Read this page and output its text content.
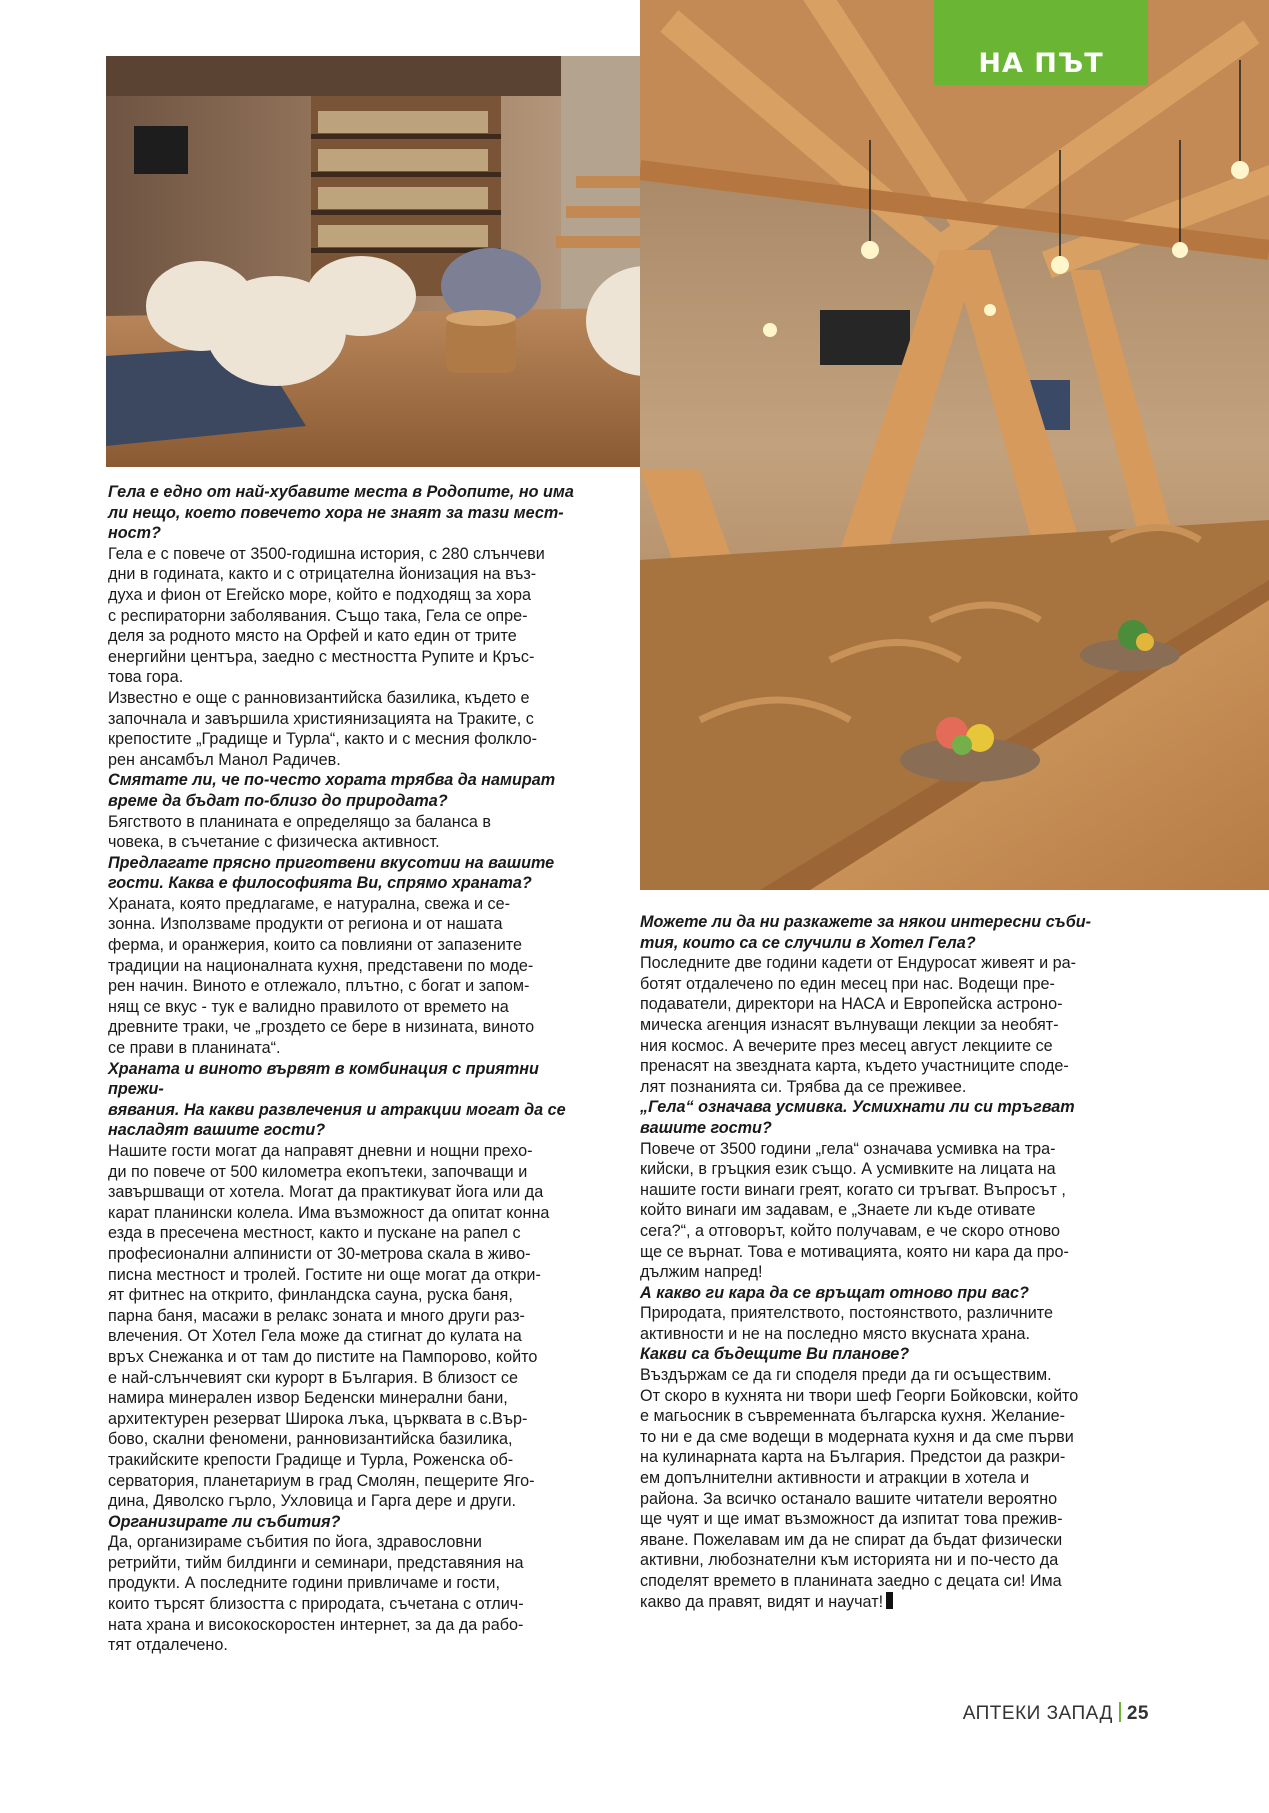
НА ПЪТ

Гела е едно от най-хубавите места в Родопите, но има
ли нещо, което повечето хора не знаят за тази мест-
ност?

Гела е с повече от 3500-годишна история, с 280 слънчеви
дни в годината, както и с отрицателна йонизация на въз-
духа и фион от Егейско море, който е подходящ за хора
с респираторни заболявания. Също така, Гела се опре-
деля за родното място на Орфей и като един от трите
енергийни центъра, заедно с местността Рупите и Кръс-
това гора.

Известно е още с ранновизантийска базилика, където е
започнала и завършила християнизацията на Траките, с
крепостите „Градище и Турла“, както и с месния фолкло-
рен ансамбъл Манол Радичев.

Смятате ли, че по-често хората трябва да намират
време да бъдат по-близо до природата?

Бягството в планината е определящо за баланса в
човека, в съчетание с физическа активност.

Предлагате прясно приготвени вкусотии на вашите
гости. Каква е философията Ви, спрямо храната?

Храната, която предлагаме, е натурална, свежа и се-
зонна. Използваме продукти от региона и от нашата
ферма, и оранжерия, които са повлияни от запазените
традиции на националната кухня, представени по моде-
рен начин. Виното е отлежало, плътно, с богат и запом-
нящ се вкус - тук е валидно правилото от времето на
древните траки, че „гроздето се бере в низината, виното
се прави в планината“.

Храната и виното вървят в комбинация с приятни прежи-
вявания. На какви развлечения и атракции могат да се
насладят вашите гости?

Нашите гости могат да направят дневни и нощни прехо-
ди по повече от 500 километра екопътеки, започващи и
завършващи от хотела. Могат да практикуват йога или да
карат планински колела. Има възможност да опитат конна
езда в пресечена местност, както и пускане на рапел с
професионални алпинисти от 30-метрова скала в живо-
писна местност и тролей. Гостите ни още могат да откри-
ят фитнес на открито, финландска сауна, руска баня,
парна баня, масажи в релакс зоната и много други раз-
влечения. От Хотел Гела може да стигнат до кулата на
връх Снежанка и от там до пистите на Пампорово, който
е най-слънчевият ски курорт в България. В близост се
намира минерален извор Беденски минерални бани,
архитектурен резерват Широка лъка, църквата в с.Вър-
бово, скални феномени, ранновизантийска базилика,
тракийските крепости Градище и Турла, Роженска об-
серватория, планетариум в град Смолян, пещерите Яго-
дина, Дяволско гърло, Ухловица и Гарга дере и други.

Организирате ли събития?

Да, организираме събития по йога, здравословни
ретрийти, тийм билдинги и семинари, представяния на
продукти. А последните години привличаме и гости,
които търсят близостта с природата, съчетана с отлич-
ната храна и високоскоростен интернет, за да да рабо-
тят отдалечено.

Можете ли да ни разкажете за някои интересни съби-
тия, които са се случили в Хотел Гела?

Последните две години кадети от Ендуросат живеят и ра-
ботят отдалечено по един месец при нас. Водещи пре-
подаватели, директори на НАСА и Европейска астроно-
мическа агенция изнасят вълнуващи лекции за необят-
ния космос. А вечерите през месец август лекциите се
пренасят на звездната карта, където участниците споде-
лят познанията си. Трябва да се преживее.

„Гела“ означава усмивка. Усмихнати ли си тръгват
вашите гости?

Повече от 3500 години „гела“ означава усмивка на тра-
кийски, в гръцкия език също. А усмивките на лицата на
нашите гости винаги греят, когато си тръгват. Въпросът ,
който винаги им задавам, е „Знаете ли къде отивате
сега?“, а отговорът, който получавам, е че скоро отново
ще се върнат. Това е мотивацията, която ни кара да про-
дължим напред!

А какво ги кара да се връщат отново при вас?

Природата, приятелството, постоянството, различните
активности и не на последно място вкусната храна.

Какви са бъдещите Ви планове?

Въздържам се да ги споделя преди да ги осъществим.
От скоро в кухнята ни твори шеф Георги Бойковски, който
е магьосник в съвременната българска кухня. Желание-
то ни е да сме водещи в модерната кухня и да сме първи
на кулинарната карта на България. Предстои да разкри-
ем допълнителни активности и атракции в хотела и
района. За всичко останало вашите читатели вероятно
ще чуят и ще имат възможност да изпитат това прежив-
яване. Пожелавам им да не спират да бъдат физически
активни, любознателни към историята ни и по-често да
споделят времето в планината заедно с децата си! Има
какво да правят, видят и научат!

АПТЕКИ ЗАПАД 25
